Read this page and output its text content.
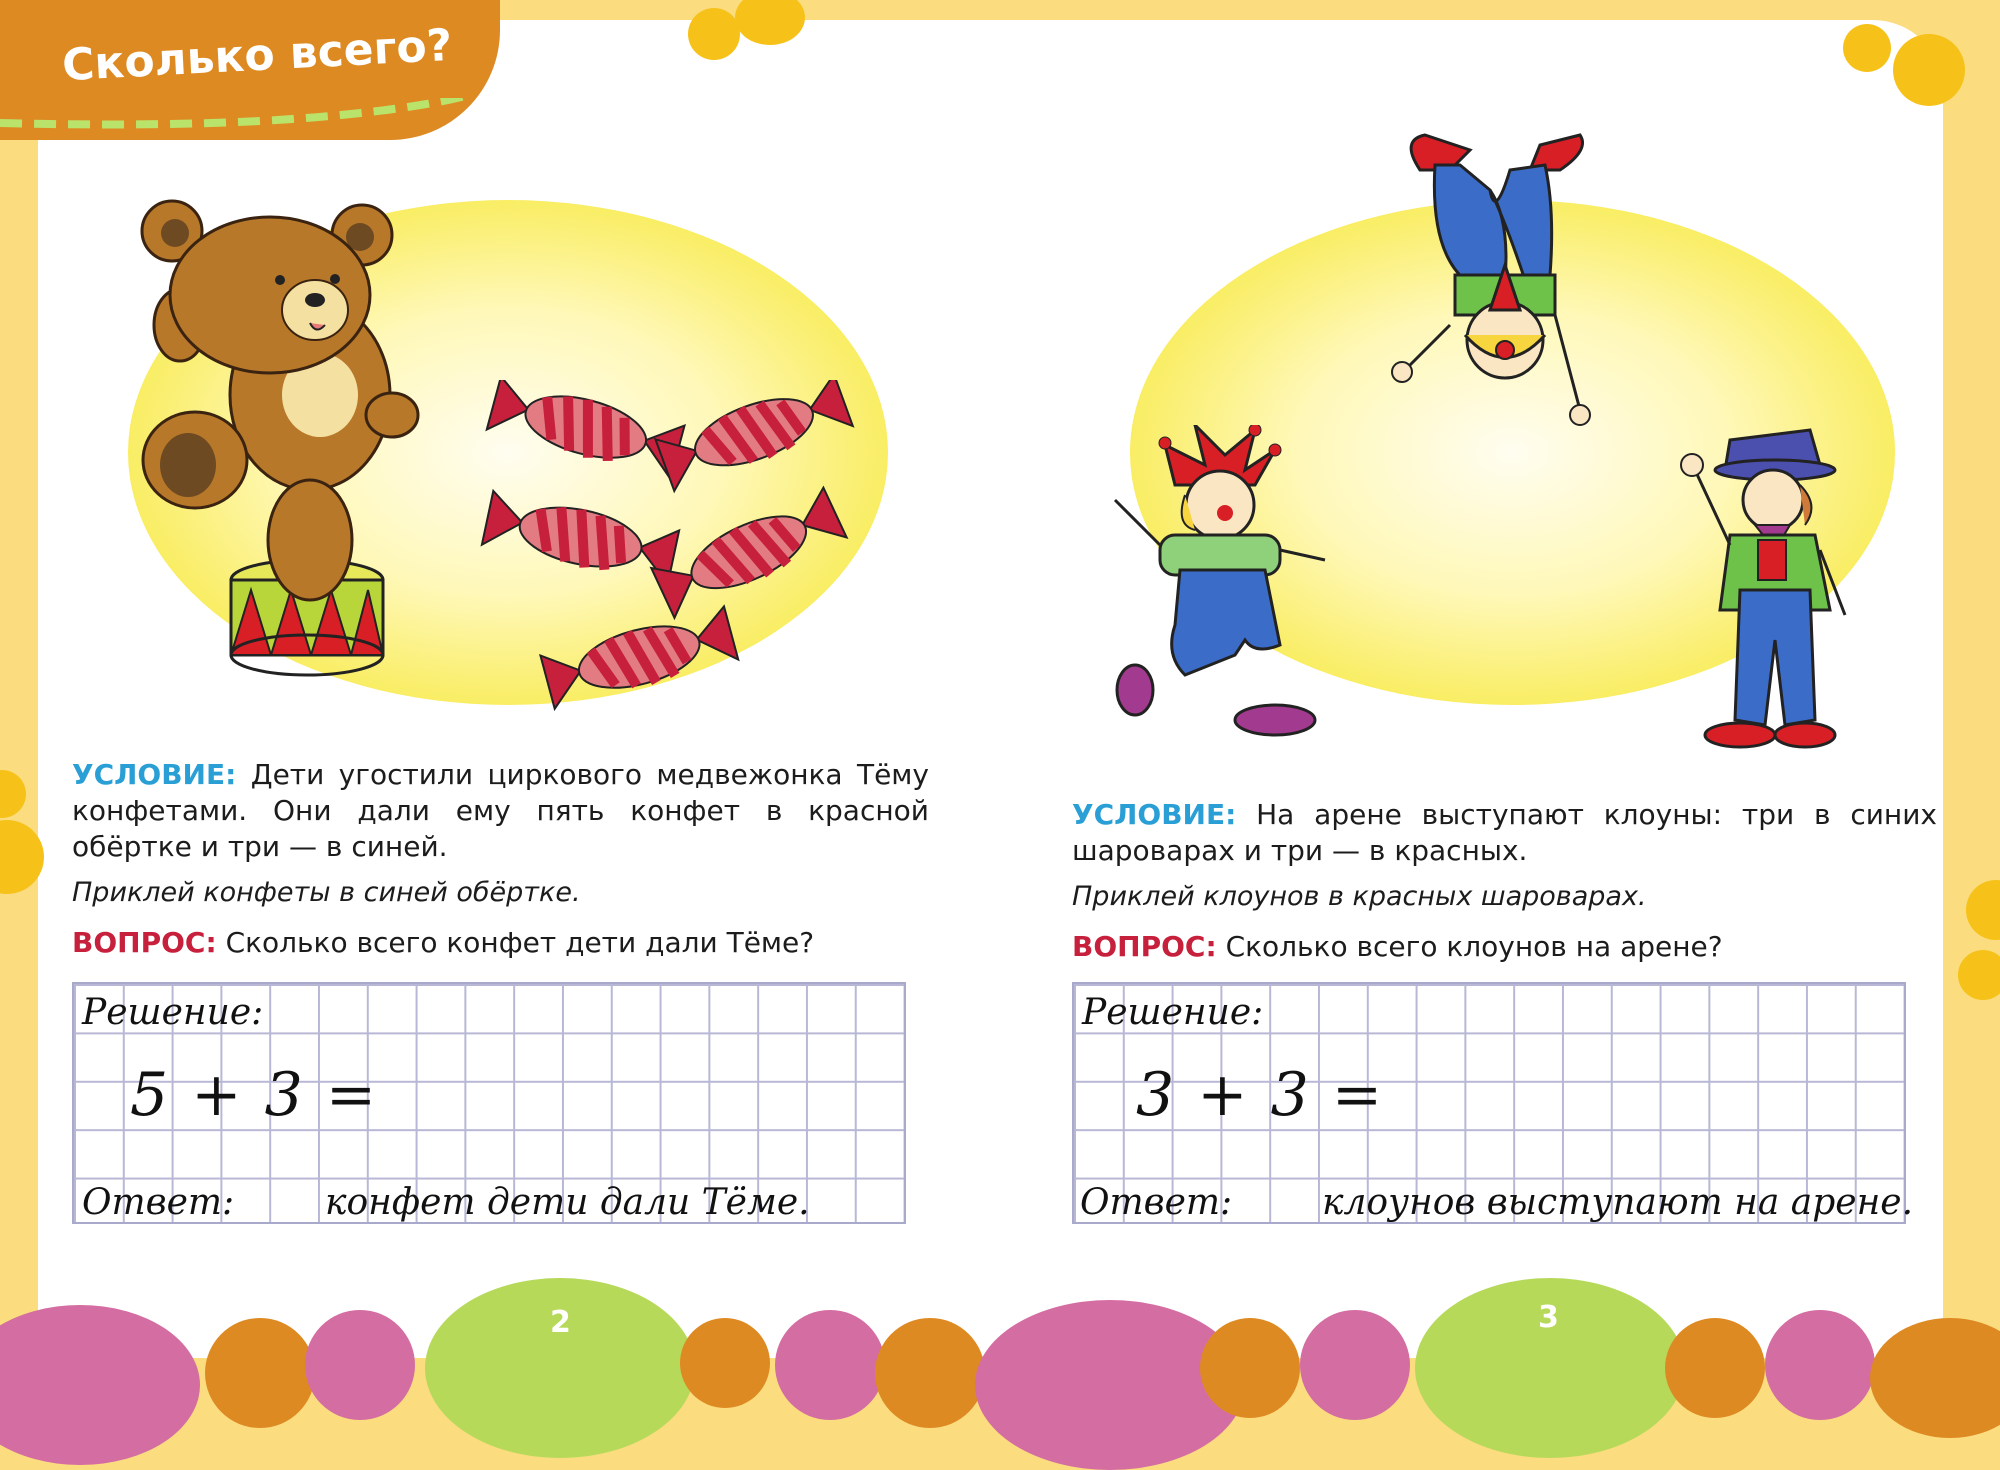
Сколько всего?

УСЛОВИЕ: Дети угостили циркового медвежонка Тёму конфетами. Они дали ему пять конфет в красной обёртке и три — в синей.

Приклей конфеты в синей обёртке.

ВОПРОС: Сколько всего конфет дети дали Тёме?

Решение:
5 + 3 =
Ответ:	конфет дети дали Тёме.

УСЛОВИЕ: На арене выступают клоуны: три в синих шароварах и три — в красных.

Приклей клоунов в красных шароварах.

ВОПРОС: Сколько всего клоунов на арене?

Решение:
3 + 3 =
Ответ: клоунов выступают на арене.
2	3
